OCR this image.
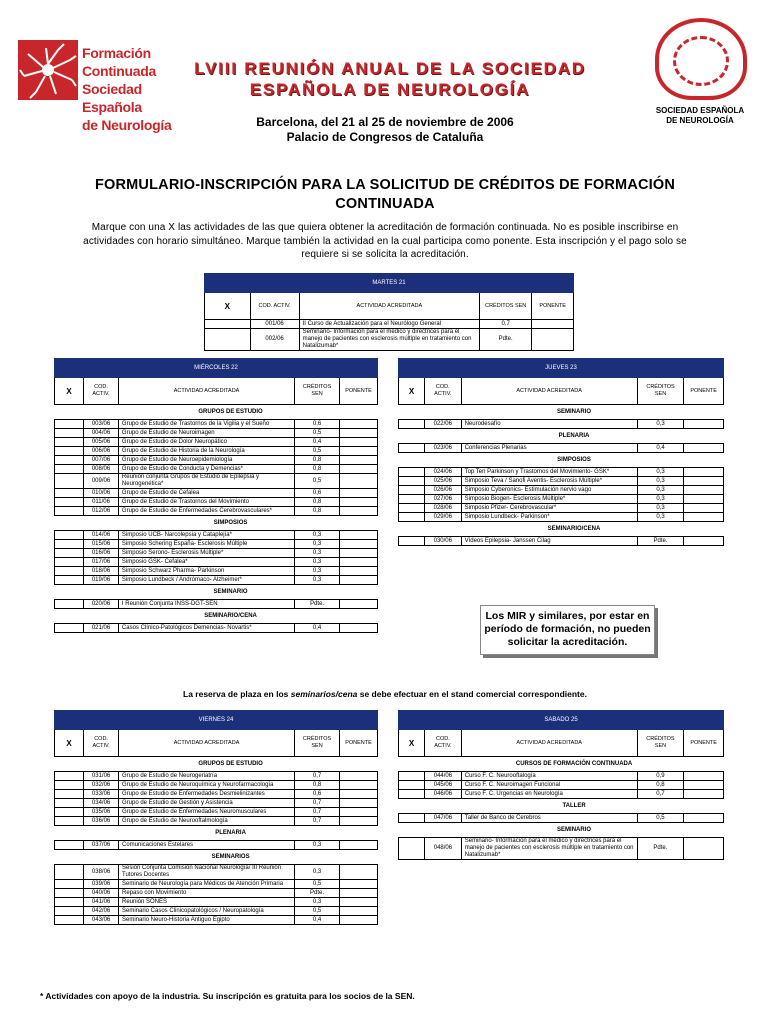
Formación Continuada
Sociedad Española
de Neurología
LVIII REUNIÓN ANUAL DE LA SOCIEDAD
ESPAÑOLA DE NEUROLOGÍA
SOCIEDAD ESPAÑOLA
DE NEUROLOGÍA
Barcelona, del 21 al 25 de noviembre de 2006
Palacio de Congresos de Cataluña
FORMULARIO-INSCRIPCIÓN PARA LA SOLICITUD DE CRÉDITOS DE FORMACIÓN
CONTINUADA
Marque con una X las actividades de las que quiera obtener la acreditación de formación continuada. No es posible inscribirse en actividades con horario simultáneo. Marque también la actividad en la cual participa como ponente. Esta inscripción y el pago solo se requiere si se solicita la acreditación.
MARTES 21				
X	COD. ACTIV.	ACTIVIDAD ACREDITADA	CRÉDITOS SEN	PONENTE
	001/06	II Curso de Actualización para el Neurólogo General	0,7	
	002/06	Seminario- Información para el médico y directrices para el manejo de pacientes con esclerosis múltiple en tratamiento con Natalizumab*	Pdte.	
MIÉRCOLES 22				
X	COD. ACTIV.	ACTIVIDAD ACREDITADA	CRÉDITOS SEN	PONENTE
	GRUPOS DE ESTUDIO			
	003/06	Grupo de Estudio de Trastornos de la Vigilia y el Sueño	0,6	
	004/06	Grupo de Estudio de Neuroimagen	0,5	
	005/06	Grupo de Estudio de Dolor Neuropático	0,4	
	006/06	Grupo de Estudio de Historia de la Neurología	0,5	
	007/06	Grupo de Estudio de Neuroepidemiología	0,8	
	008/06	Grupo de Estudio de Conducta y Demencias*	0,8	
	009/06	Reunión conjunta Grupos de Estudio de Epilepsia y Neurogenética*	0,5	
	010/06	Grupo de Estudio de Cefalea	0,6	
	011/06	Grupo de Estudio de Trastornos del Movimiento	0,8	
	012/06	Grupo de Estudio de Enfermedades Cerebrovasculares*	0,8	
	SIMPOSIOS			
	014/06	Simposio UCB- Narcolepsia y Cataplejía*	0,3	
	015/06	Simposio Schering España- Esclerosis Múltiple	0,3	
	016/06	Simposio Serono- Esclerosis Múltiple*	0,3	
	017/06	Simposio GSK- Cefalea*	0,3	
	018/06	Simposio Schwarz Pharma- Parkinson	0,3	
	019/06	Simposio Lundbeck / Andrómaco- Alzheimer*	0,3	
	SEMINARIO			
	020/06	I Reunión Conjunta INSS-DGT-SEN	Pdte.	
	SEMINARIO/CENA			
	021/06	Casos Clínico-Patológicos Demencias- Novartis*	0,4	
JUEVES 23				
X	COD. ACTIV.	ACTIVIDAD ACREDITADA	CRÉDITOS SEN	PONENTE
	SEMINARIO			
	022/06	Neurodesafío	0,3	
	PLENARIA			
	023/06	Conferencias Plenarias	0,4	
	SIMPOSIOS			
	024/06	Top Ten Parkinson y Trastornos del Movimiento- GSK*	0,3	
	025/06	Simposio Teva / Sanofi Aventis- Esclerosis Múltiple*	0,3	
	026/06	Simposio Cyberonics- Estimulación nervio vago	0,3	
	027/06	Simposio Biogen- Esclerosis Múltiple*	0,3	
	028/06	Simposio Pfizer- Cerebrovascular*	0,3	
	029/06	Simposio Lundbeck- Parkinson*	0,3	
	SEMINARIO/CENA			
	030/06	Vídeos Epilepsia- Janssen Cilag	Pdte.	
Los MIR y similares, por estar en período de formación, no pueden solicitar la acreditación.
La reserva de plaza en los seminarios/cena se debe efectuar en el stand comercial correspondiente.
VIERNES 24				
X	COD. ACTIV.	ACTIVIDAD ACREDITADA	CRÉDITOS SEN	PONENTE
	GRUPOS DE ESTUDIO			
	031/06	Grupo de Estudio de Neurogeriatría	0,7	
	032/06	Grupo de Estudio de Neuroquímica y Neurofarmacología	0,8	
	033/06	Grupo de Estudio de Enfermedades Desmielinizantes	0,6	
	034/06	Grupo de Estudio de Gestión y Asistencia	0,7	
	035/06	Grupo de Estudio de Enfermedades Neuromusculares	0,7	
	036/06	Grupo de Estudio de Neurooftalmología	0,7	
	PLENARIA			
	037/06	Comunicaciones Estelares	0,3	
	SEMINARIOS			
	038/06	Sesión Conjunta Comisión Nacional Neurología/ III Reunión Tutores Docentes	0,3	
	039/06	Seminario de Neurología para Médicos de Atención Primaria	0,5	
	040/06	Repaso con Movimiento	Pdte.	
	041/06	Reunión SONES	0,3	
	042/06	Seminario Casos Clinicopatológicos / Neuropatología	0,5	
	043/06	Seminario Neuro-Historia Antiguo Egipto	0,4	
SABADO 25				
X	COD. ACTIV.	ACTIVIDAD ACREDITADA	CRÉDITOS SEN	PONENTE
	CURSOS DE FORMACIÓN CONTINUADA			
	044/06	Curso F. C. Neurooftalogía	0,9	
	045/06	Curso F. C. Neuroimagen Funcional	0,8	
	046/06	Curso F. C. Urgencias en Neurología	0,7	
	TALLER			
	047/06	Taller de Banco de Cerebros	0,5	
	SEMINARIO			
	048/06	Seminario- Información para el médico y directrices para el manejo de pacientes con esclerosis múltiple en tratamiento con Natalizumab*	Pdte.	
* Actividades con apoyo de la industria. Su inscripción es gratuita para los socios de la SEN.
